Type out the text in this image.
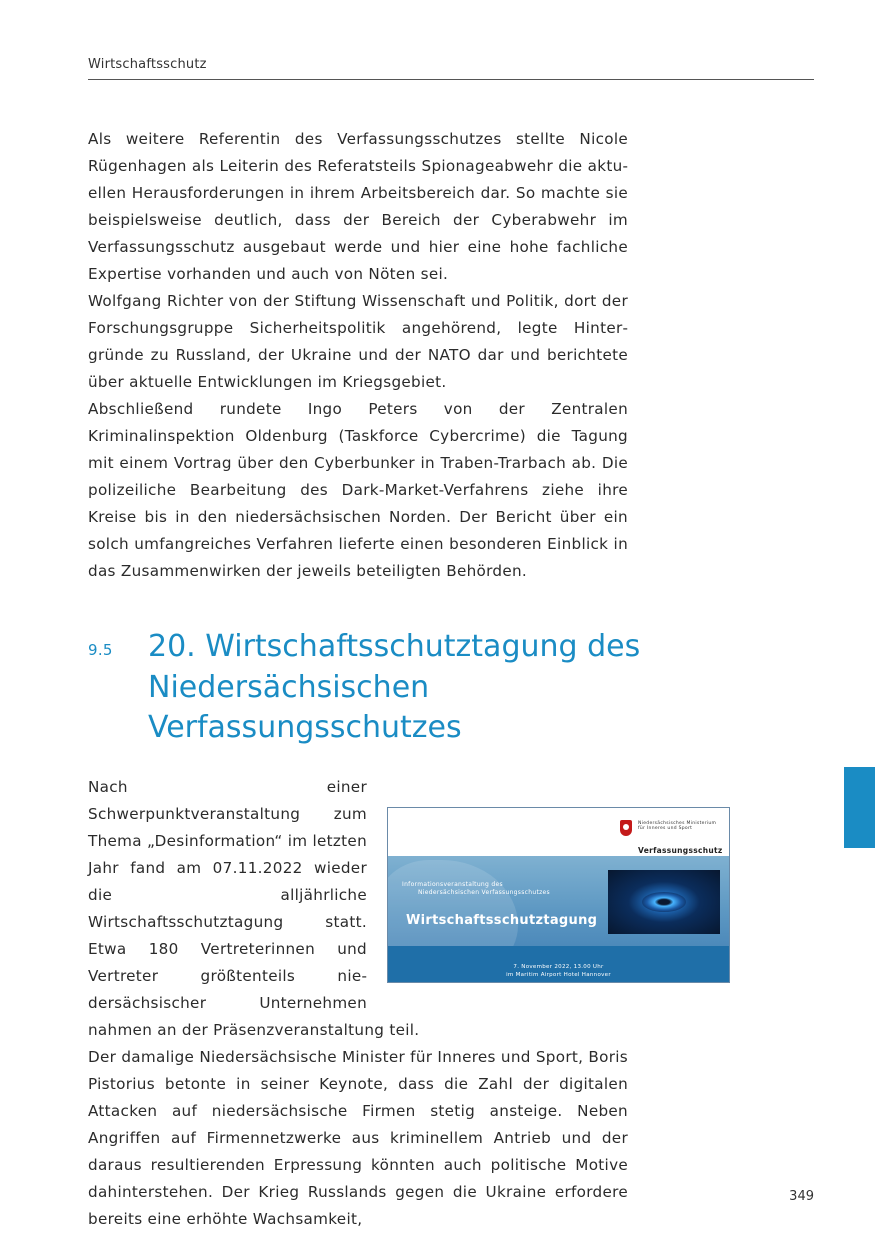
Wirtschaftsschutz

Als weitere Referentin des Verfassungsschutzes stellte Nicole Rügenhagen als Leiterin des Referatsteils Spionageabwehr die aktuellen Herausforderungen in ihrem Arbeitsbereich dar. So machte sie beispielsweise deutlich, dass der Bereich der Cyberabwehr im Verfassungsschutz ausgebaut werde und hier eine hohe fachliche Expertise vorhanden und auch von Nöten sei.

Wolfgang Richter von der Stiftung Wissenschaft und Politik, dort der Forschungsgruppe Sicherheitspolitik angehörend, legte Hintergründe zu Russland, der Ukraine und der NATO dar und berichtete über aktuelle Entwicklungen im Kriegsgebiet.

Abschließend rundete Ingo Peters von der Zentralen Kriminalinspektion Oldenburg (Taskforce Cybercrime) die Tagung mit einem Vortrag über den Cyberbunker in Traben-Trarbach ab. Die polizeiliche Bearbeitung des Dark-Market-Verfahrens ziehe ihre Kreise bis in den niedersächsischen Norden. Der Bericht über ein solch umfangreiches Verfahren lieferte einen besonderen Einblick in das Zusammenwirken der jeweils beteiligten Behörden.

9.5 20. Wirtschaftsschutztagung des Niedersächsischen Verfassungsschutzes
Niedersächsisches Ministerium für Inneres und Sport
Verfassungsschutz
Informationsveranstaltung des
Niedersächsischen Verfassungsschutzes
Wirtschaftsschutztagung
7. November 2022, 13.00 Uhr
im Maritim Airport Hotel Hannover

Nach einer Schwerpunktveranstaltung zum Thema „Desinformation“ im letzten Jahr fand am 07.11.2022 wieder die alljährliche Wirtschaftsschutztagung statt. Etwa 180 Vertreterinnen und Vertreter größtenteils niedersächsischer Unternehmen nahmen an der Präsenzveranstaltung teil.

Der damalige Niedersächsische Minister für Inneres und Sport, Boris Pistorius betonte in seiner Keynote, dass die Zahl der digitalen Attacken auf niedersächsische Firmen stetig ansteige. Neben Angriffen auf Firmennetzwerke aus kriminellem Antrieb und der daraus resultierenden Erpressung könnten auch politische Motive dahinterstehen. Der Krieg Russlands gegen die Ukraine erfordere bereits eine erhöhte Wachsamkeit,

349
